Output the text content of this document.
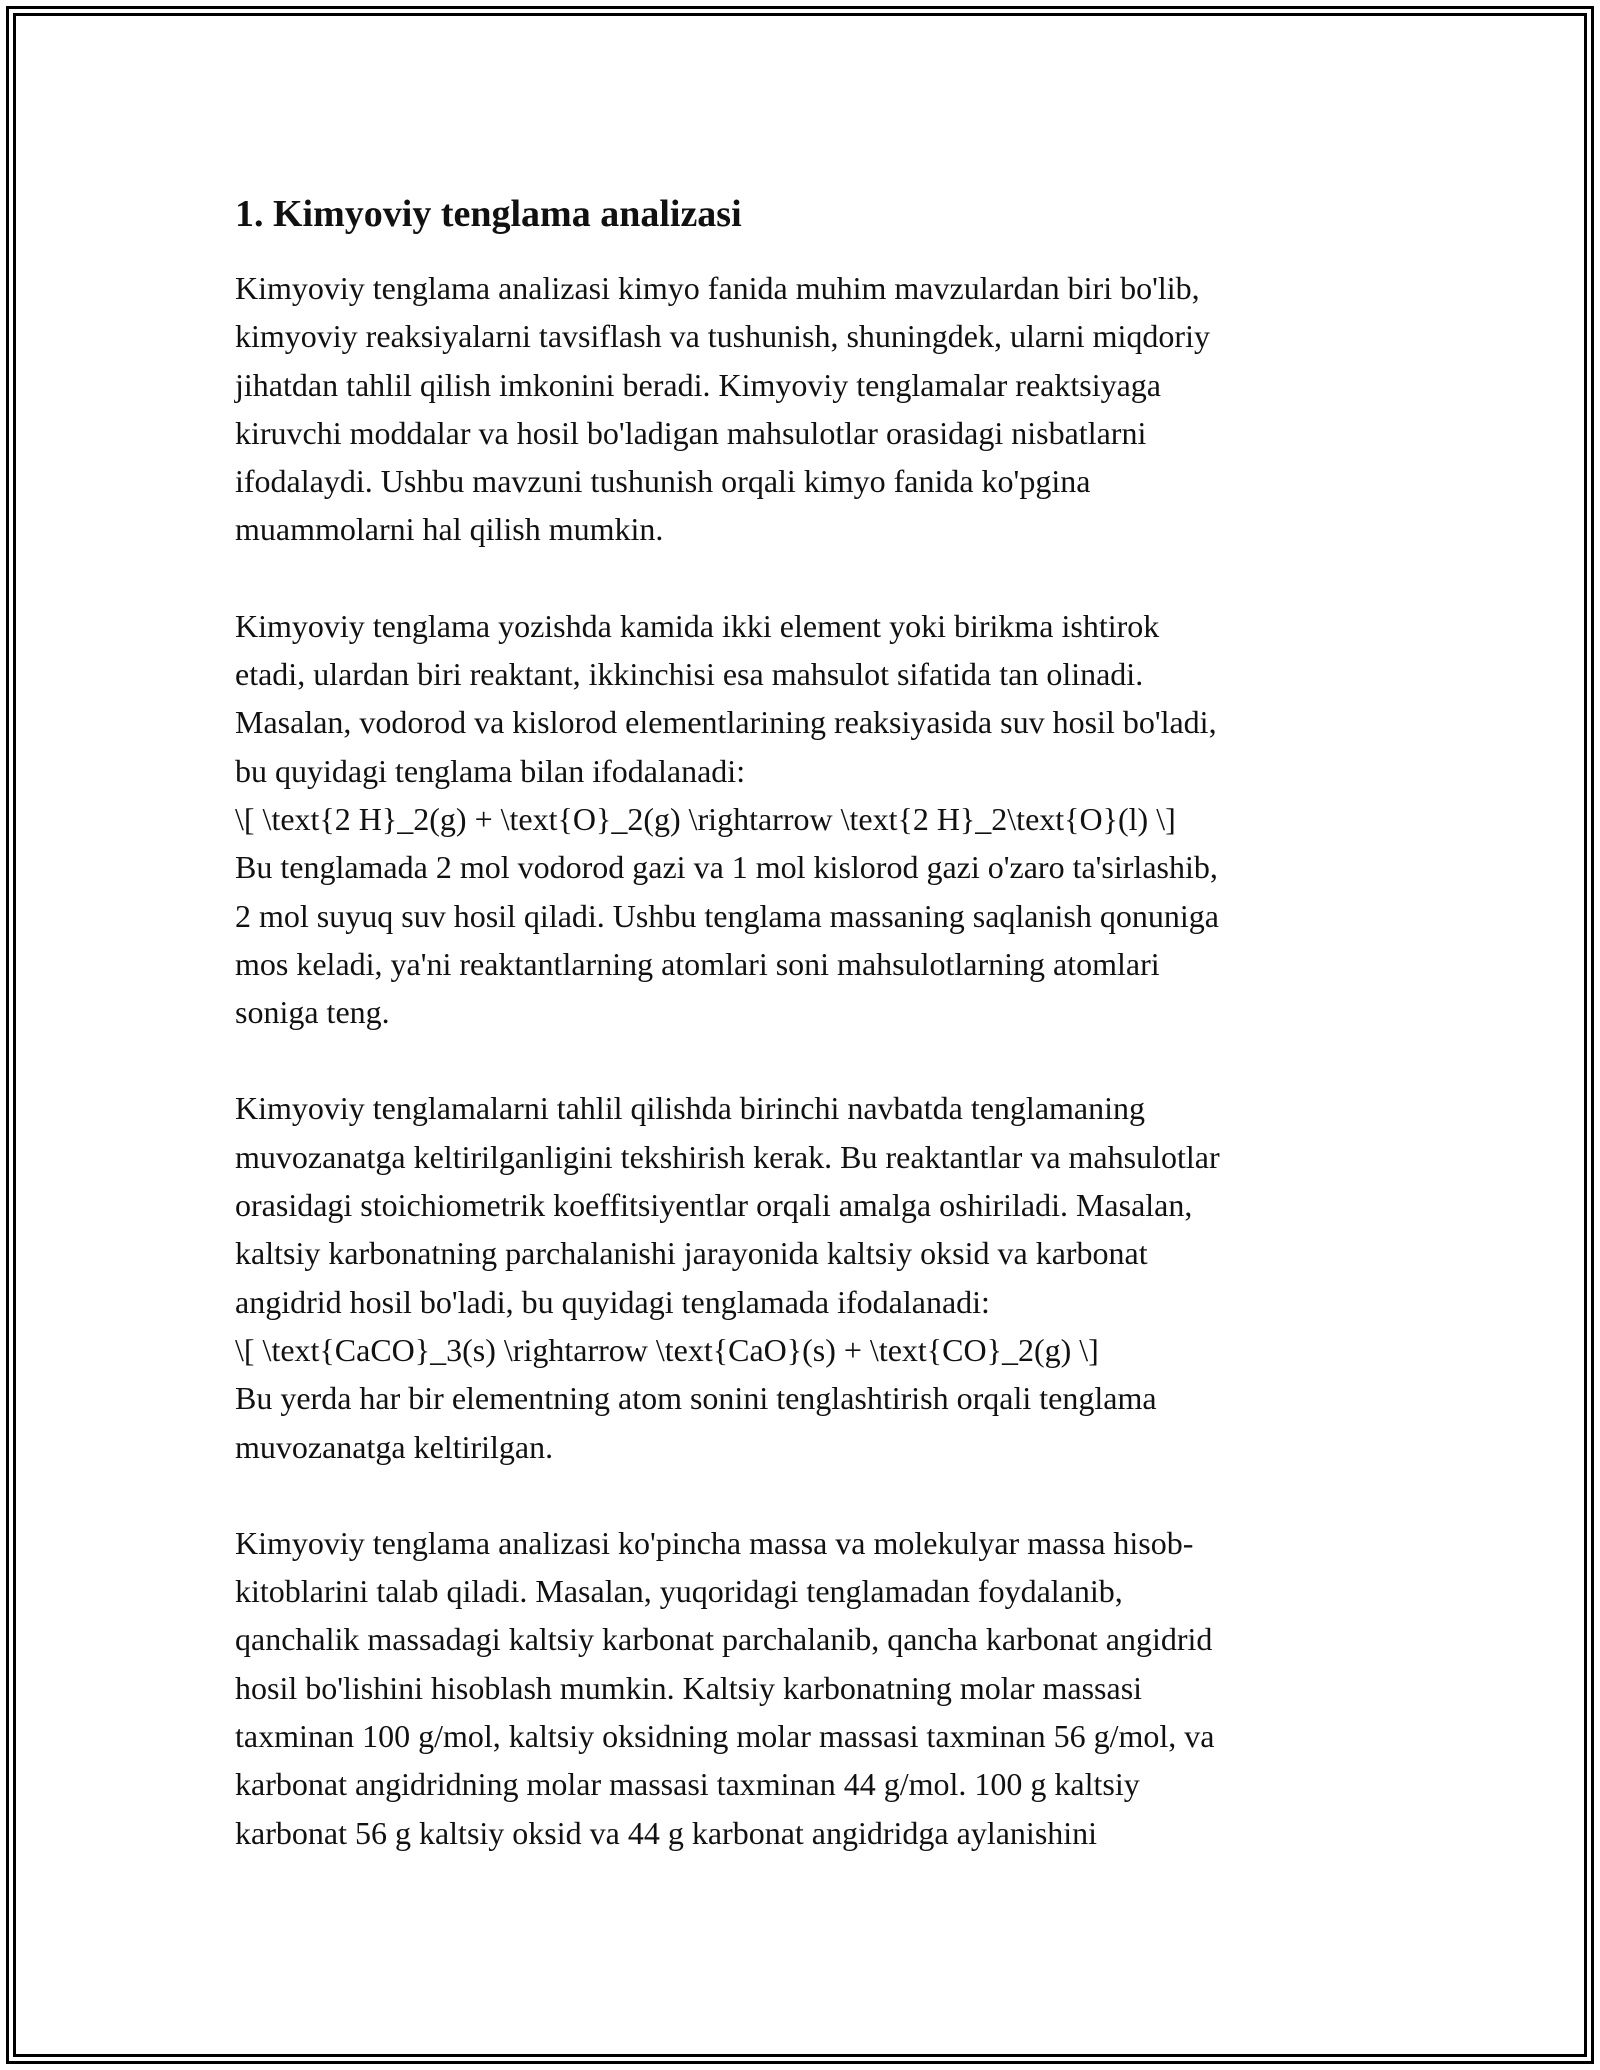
1. Kimyoviy tenglama analizasi

Kimyoviy tenglama analizasi kimyo fanida muhim mavzulardan biri bo'lib,
kimyoviy reaksiyalarni tavsiflash va tushunish, shuningdek, ularni miqdoriy
jihatdan tahlil qilish imkonini beradi. Kimyoviy tenglamalar reaktsiyaga
kiruvchi moddalar va hosil bo'ladigan mahsulotlar orasidagi nisbatlarni
ifodalaydi. Ushbu mavzuni tushunish orqali kimyo fanida ko'pgina
muammolarni hal qilish mumkin.

Kimyoviy tenglama yozishda kamida ikki element yoki birikma ishtirok
etadi, ulardan biri reaktant, ikkinchisi esa mahsulot sifatida tan olinadi.
Masalan, vodorod va kislorod elementlarining reaksiyasida suv hosil bo'ladi,
bu quyidagi tenglama bilan ifodalanadi:
\[ \text{2 H}_2(g) + \text{O}_2(g) \rightarrow \text{2 H}_2\text{O}(l) \]
Bu tenglamada 2 mol vodorod gazi va 1 mol kislorod gazi o'zaro ta'sirlashib,
2 mol suyuq suv hosil qiladi. Ushbu tenglama massaning saqlanish qonuniga
mos keladi, ya'ni reaktantlarning atomlari soni mahsulotlarning atomlari
soniga teng.

Kimyoviy tenglamalarni tahlil qilishda birinchi navbatda tenglamaning
muvozanatga keltirilganligini tekshirish kerak. Bu reaktantlar va mahsulotlar
orasidagi stoichiometrik koeffitsiyentlar orqali amalga oshiriladi. Masalan,
kaltsiy karbonatning parchalanishi jarayonida kaltsiy oksid va karbonat
angidrid hosil bo'ladi, bu quyidagi tenglamada ifodalanadi:
\[ \text{CaCO}_3(s) \rightarrow \text{CaO}(s) + \text{CO}_2(g) \]
Bu yerda har bir elementning atom sonini tenglashtirish orqali tenglama
muvozanatga keltirilgan.

Kimyoviy tenglama analizasi ko'pincha massa va molekulyar massa hisob-
kitoblarini talab qiladi. Masalan, yuqoridagi tenglamadan foydalanib,
qanchalik massadagi kaltsiy karbonat parchalanib, qancha karbonat angidrid
hosil bo'lishini hisoblash mumkin. Kaltsiy karbonatning molar massasi
taxminan 100 g/mol, kaltsiy oksidning molar massasi taxminan 56 g/mol, va
karbonat angidridning molar massasi taxminan 44 g/mol. 100 g kaltsiy
karbonat 56 g kaltsiy oksid va 44 g karbonat angidridga aylanishini
